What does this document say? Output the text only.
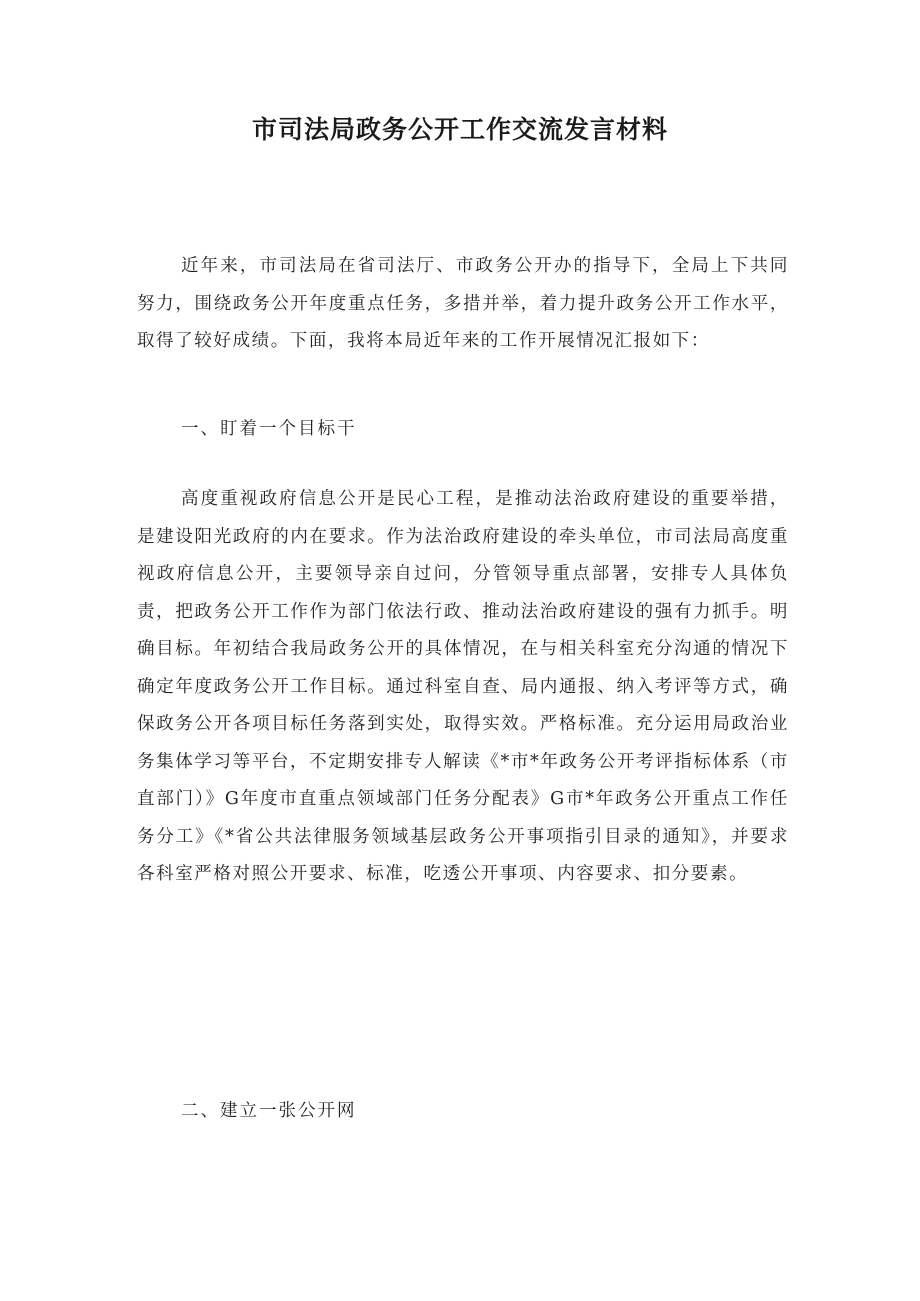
市司法局政务公开工作交流发言材料

近年来，市司法局在省司法厅、市政务公开办的指导下，全局上下共同努力，围绕政务公开年度重点任务，多措并举，着力提升政务公开工作水平，取得了较好成绩。下面，我将本局近年来的工作开展情况汇报如下：

一、盯着一个目标干

高度重视政府信息公开是民心工程，是推动法治政府建设的重要举措，是建设阳光政府的内在要求。作为法治政府建设的牵头单位，市司法局高度重视政府信息公开，主要领导亲自过问，分管领导重点部署，安排专人具体负责，把政务公开工作作为部门依法行政、推动法治政府建设的强有力抓手。明确目标。年初结合我局政务公开的具体情况，在与相关科室充分沟通的情况下确定年度政务公开工作目标。通过科室自查、局内通报、纳入考评等方式，确保政务公开各项目标任务落到实处，取得实效。严格标准。充分运用局政治业务集体学习等平台，不定期安排专人解读《*市*年政务公开考评指标体系（市直部门）》G年度市直重点领域部门任务分配表》G市*年政务公开重点工作任务分工》《*省公共法律服务领域基层政务公开事项指引目录的通知》，并要求各科室严格对照公开要求、标准，吃透公开事项、内容要求、扣分要素。

二、建立一张公开网
